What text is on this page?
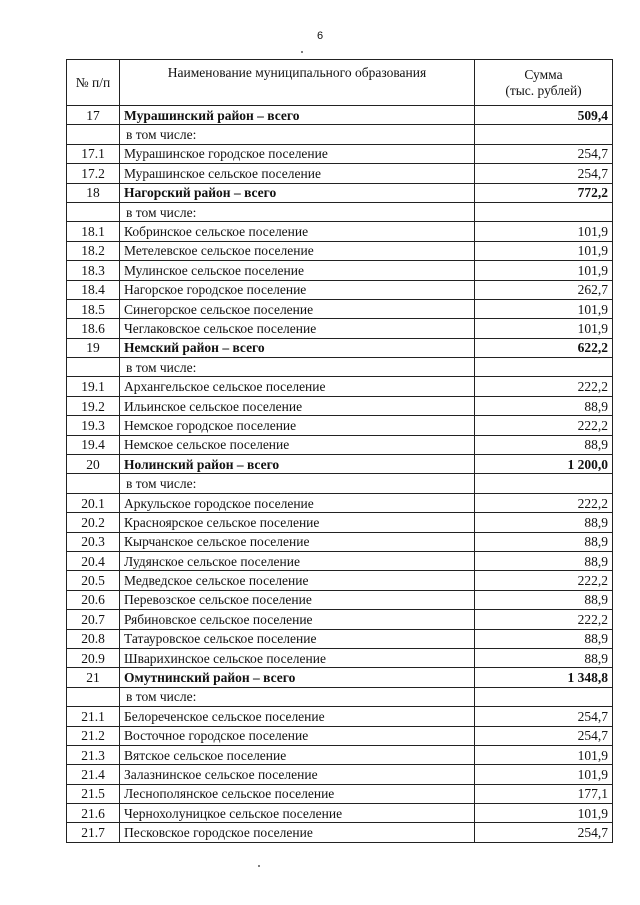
6
№ п/п	Наименование муниципального образования	Сумма
(тыс. рублей)

17	Мурашинский район – всего	509,4
	в том числе:	
17.1	Мурашинское городское поселение	254,7
17.2	Мурашинское сельское поселение	254,7
18	Нагорский район – всего	772,2
	в том числе:	
18.1	Кобринское сельское поселение	101,9
18.2	Метелевское сельское поселение	101,9
18.3	Мулинское сельское поселение	101,9
18.4	Нагорское городское поселение	262,7
18.5	Синегорское сельское поселение	101,9
18.6	Чеглаковское сельское поселение	101,9
19	Немский район – всего	622,2
	в том числе:	
19.1	Архангельское сельское поселение	222,2
19.2	Ильинское сельское поселение	88,9
19.3	Немское городское поселение	222,2
19.4	Немское сельское поселение	88,9
20	Нолинский район – всего	1 200,0
	в том числе:	
20.1	Аркульское городское поселение	222,2
20.2	Красноярское сельское поселение	88,9
20.3	Кырчанское сельское поселение	88,9
20.4	Лудянское сельское поселение	88,9
20.5	Медведское сельское поселение	222,2
20.6	Перевозское сельское поселение	88,9
20.7	Рябиновское сельское поселение	222,2
20.8	Татауровское сельское поселение	88,9
20.9	Шварихинское сельское поселение	88,9
21	Омутнинский район – всего	1 348,8
	в том числе:	
21.1	Белореченское сельское поселение	254,7
21.2	Восточное городское поселение	254,7
21.3	Вятское сельское поселение	101,9
21.4	Залазнинское сельское поселение	101,9
21.5	Леснополянское сельское поселение	177,1
21.6	Чернохолуницкое сельское поселение	101,9
21.7	Песковское городское поселение	254,7
